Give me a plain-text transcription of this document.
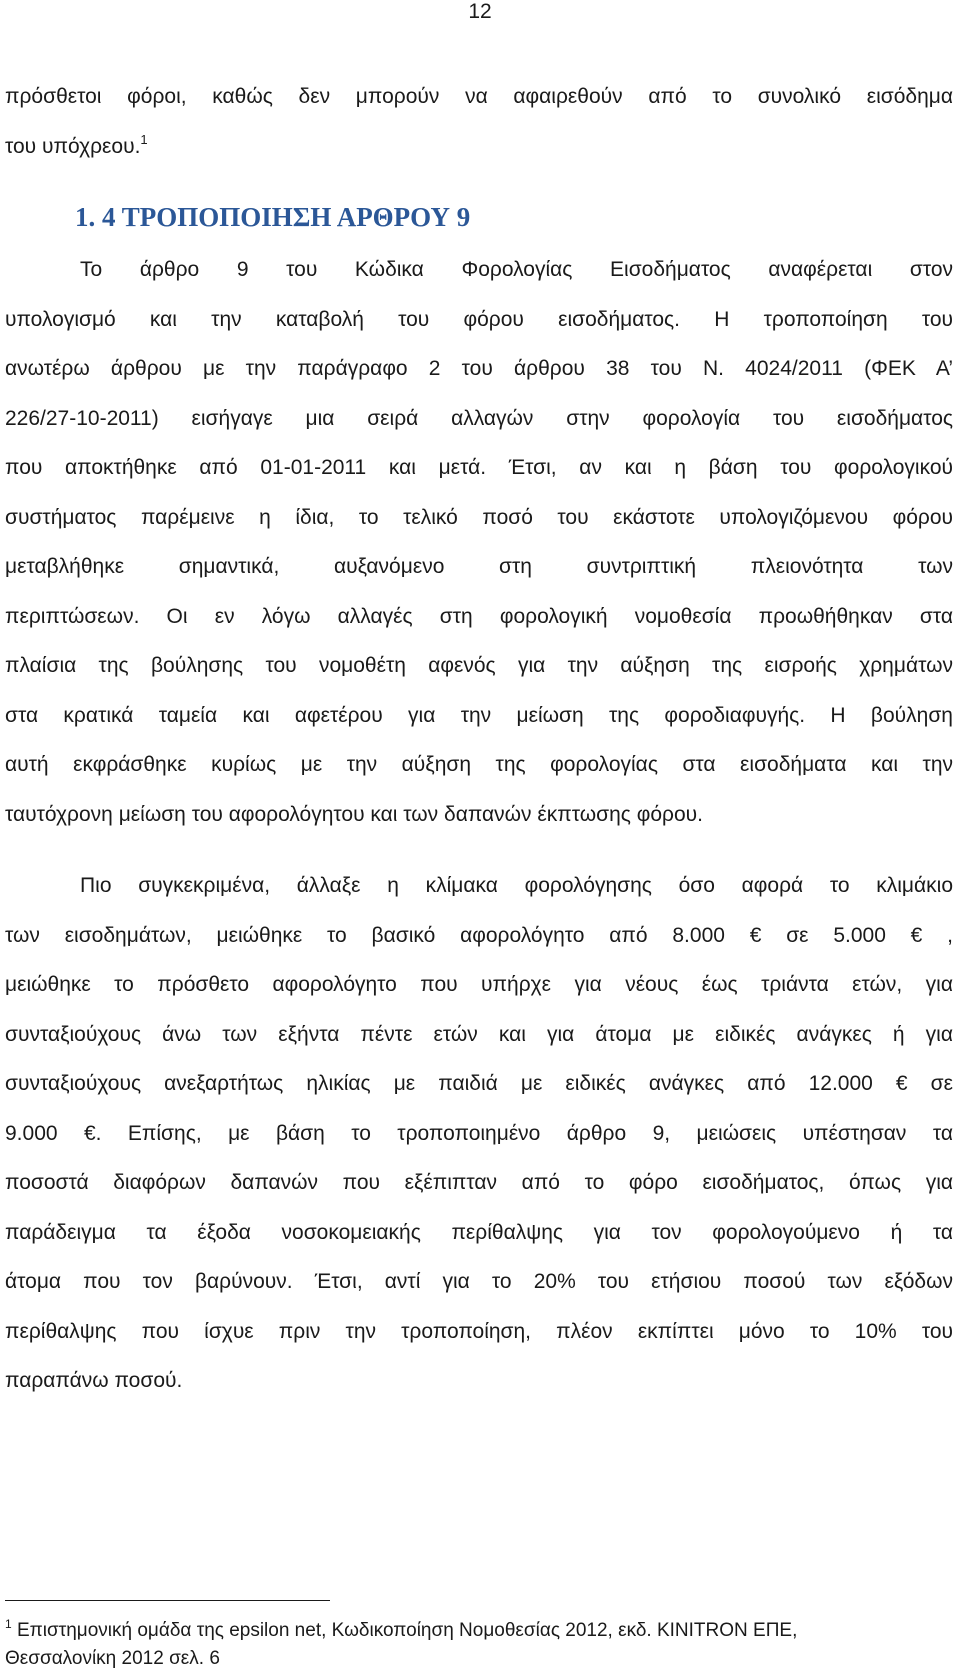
12
πρόσθετοι φόροι, καθώς δεν μπορούν να αφαιρεθούν από το συνολικό εισόδημα
του υπόχρεου.$^1$
1. 4 ΤΡΟΠΟΠΟΙΗΣΗ ΑΡΘΡΟΥ 9
Το άρθρο 9 του Κώδικα Φορολογίας Εισοδήματος αναφέρεται στον
υπολογισμό και την καταβολή του φόρου εισοδήματος. Η τροποποίηση του
ανωτέρω άρθρου με την παράγραφο 2 του άρθρου 38 του Ν. 4024/2011 (ΦΕΚ Α’
226/27-10-2011) εισήγαγε μια σειρά αλλαγών στην φορολογία του εισοδήματος
που αποκτήθηκε από 01-01-2011 και μετά. Έτσι, αν και η βάση του φορολογικού
συστήματος παρέμεινε η ίδια, το τελικό ποσό του εκάστοτε υπολογιζόμενου φόρου
μεταβλήθηκε σημαντικά, αυξανόμενο στη συντριπτική πλειονότητα των
περιπτώσεων. Οι εν λόγω αλλαγές στη φορολογική νομοθεσία προωθήθηκαν στα
πλαίσια της βούλησης του νομοθέτη αφενός για την αύξηση της εισροής χρημάτων
στα κρατικά ταμεία και αφετέρου για την μείωση της φοροδιαφυγής. Η βούληση
αυτή εκφράσθηκε κυρίως με την αύξηση της φορολογίας στα εισοδήματα και την
ταυτόχρονη μείωση του αφορολόγητου και των δαπανών έκπτωσης φόρου.
Πιο συγκεκριμένα, άλλαξε η κλίμακα φορολόγησης όσο αφορά το κλιμάκιο
των εισοδημάτων, μειώθηκε το βασικό αφορολόγητο από 8.000 € σε 5.000 € ,
μειώθηκε το πρόσθετο αφορολόγητο που υπήρχε για νέους έως τριάντα ετών, για
συνταξιούχους άνω των εξήντα πέντε ετών και για άτομα με ειδικές ανάγκες ή για
συνταξιούχους ανεξαρτήτως ηλικίας με παιδιά με ειδικές ανάγκες από 12.000 € σε
9.000 €. Επίσης, με βάση το τροποποιημένο άρθρο 9, μειώσεις υπέστησαν τα
ποσοστά διαφόρων δαπανών που εξέπιπταν από το φόρο εισοδήματος, όπως για
παράδειγμα τα έξοδα νοσοκομειακής περίθαλψης για τον φορολογούμενο ή τα
άτομα που τον βαρύνουν. Έτσι, αντί για το 20% του ετήσιου ποσού των εξόδων
περίθαλψης που ίσχυε πριν την τροποποίηση, πλέον εκπίπτει μόνο το 10% του
παραπάνω ποσού.
$^1$ Επιστημονική ομάδα της epsilon net, Κωδικοποίηση Νομοθεσίας 2012, εκδ. ΚΙΝΙΤRON ΕΠΕ,
Θεσσαλονίκη 2012 σελ. 6
